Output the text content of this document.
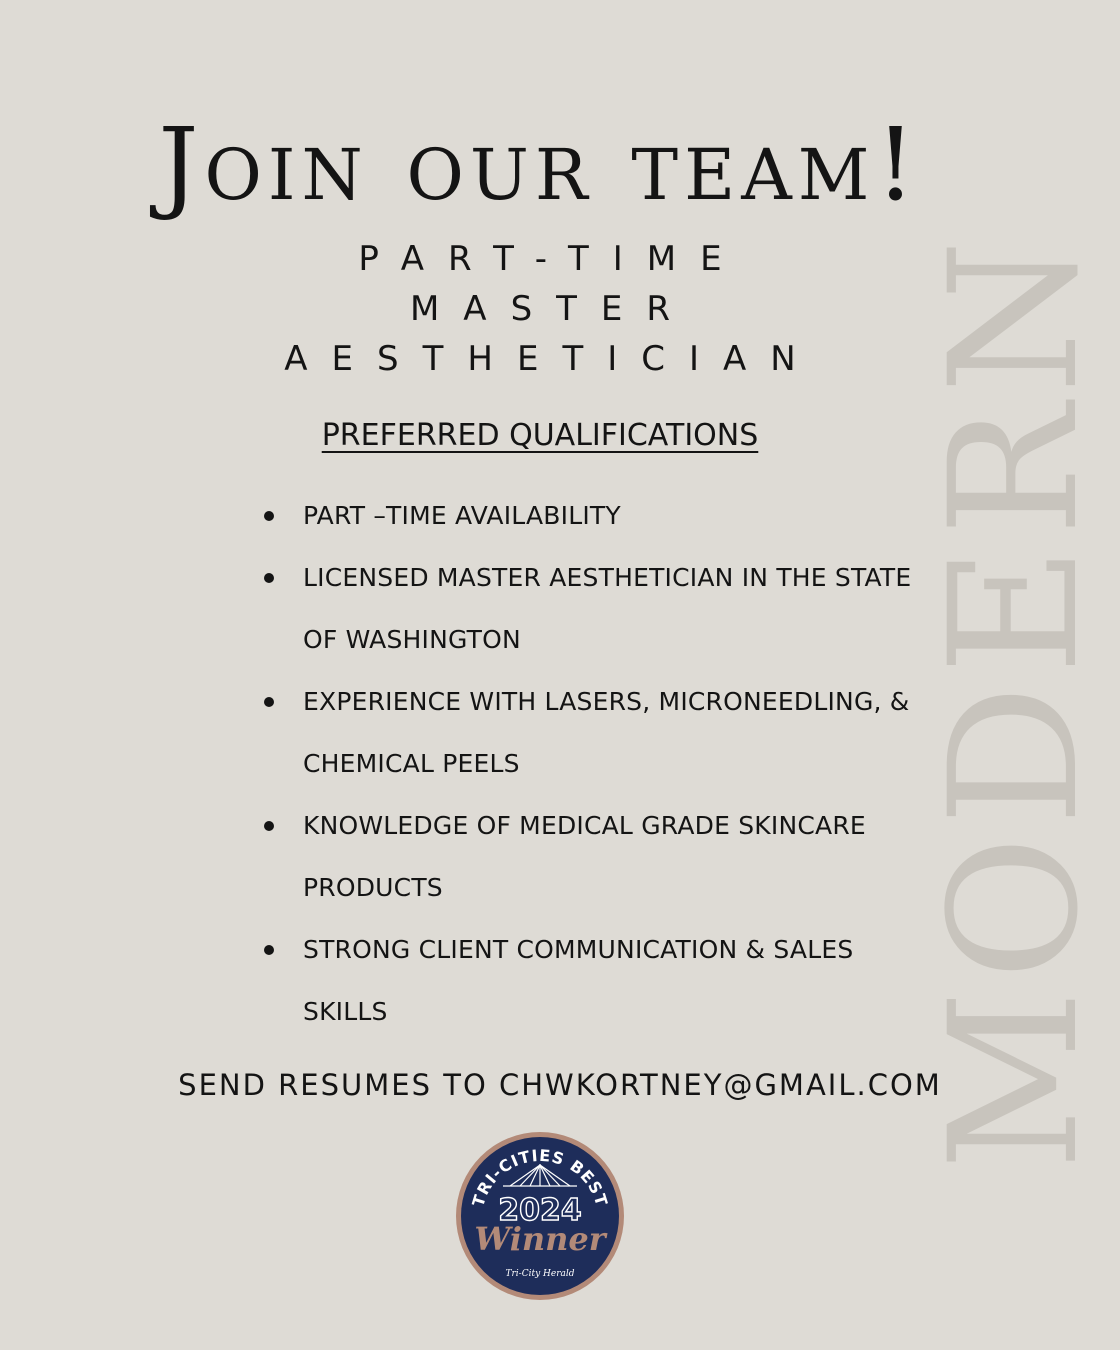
MODERN
Join our team!
PART-TIME
MASTER
AESTHETICIAN
PREFERRED QUALIFICATIONS
PART –TIME AVAILABILITY
LICENSED MASTER AESTHETICIAN IN THE STATE OF WASHINGTON
EXPERIENCE WITH LASERS, MICRONEEDLING, & CHEMICAL PEELS
KNOWLEDGE OF MEDICAL GRADE SKINCARE PRODUCTS
STRONG CLIENT COMMUNICATION & SALES SKILLS
SEND RESUMES TO CHWKORTNEY@GMAIL.COM
TRI-CITIES BEST
2024
Winner
Tri-City Herald
